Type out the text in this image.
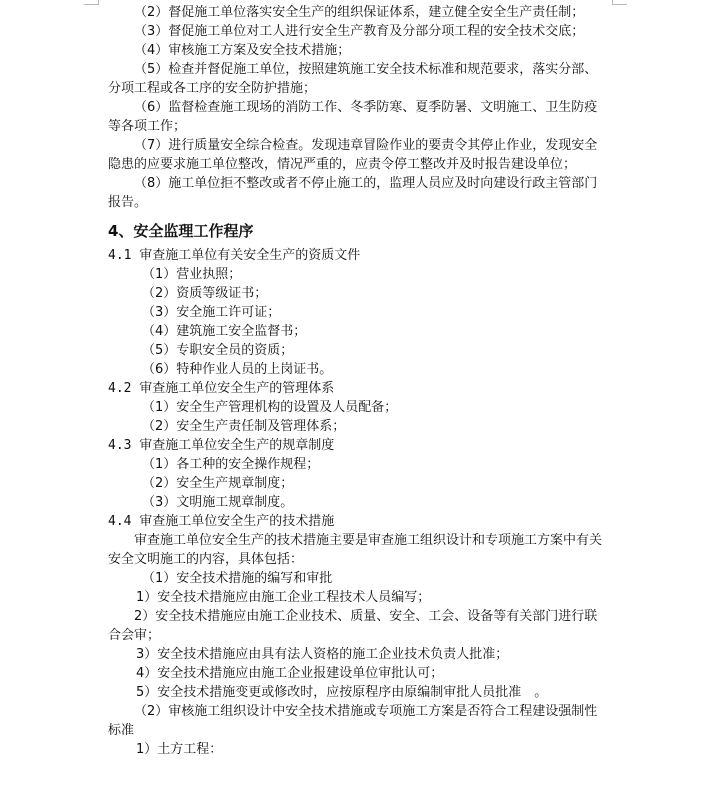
（2）督促施工单位落实安全生产的组织保证体系，建立健全安全生产责任制；

（3）督促施工单位对工人进行安全生产教育及分部分项工程的安全技术交底；

（4）审核施工方案及安全技术措施；

（5）检查并督促施工单位，按照建筑施工安全技术标准和规范要求，落实分部、分项工程或各工序的安全防护措施；

（6）监督检查施工现场的消防工作、冬季防寒、夏季防暑、文明施工、卫生防疫等各项工作；

（7）进行质量安全综合检查。发现违章冒险作业的要责令其停止作业，发现安全隐患的应要求施工单位整改，情况严重的，应责令停工整改并及时报告建设单位；

（8）施工单位拒不整改或者不停止施工的，监理人员应及时向建设行政主管部门报告。

4、安全监理工作程序

4.1 审查施工单位有关安全生产的资质文件

（1）营业执照；

（2）资质等级证书；

（3）安全施工许可证；

（4）建筑施工安全监督书；

（5）专职安全员的资质；

（6）特种作业人员的上岗证书。

4.2 审查施工单位安全生产的管理体系

（1）安全生产管理机构的设置及人员配备；

（2）安全生产责任制及管理体系；

4.3 审查施工单位安全生产的规章制度

（1）各工种的安全操作规程；

（2）安全生产规章制度；

（3）文明施工规章制度。

4.4 审查施工单位安全生产的技术措施

审查施工单位安全生产的技术措施主要是审查施工组织设计和专项施工方案中有关安全文明施工的内容，具体包括：

（1）安全技术措施的编写和审批

1）安全技术措施应由施工企业工程技术人员编写；

2）安全技术措施应由施工企业技术、质量、安全、工会、设备等有关部门进行联合会审；

3）安全技术措施应由具有法人资格的施工企业技术负责人批准；

4）安全技术措施应由施工企业报建设单位审批认可；

5）安全技术措施变更或修改时，应按原程序由原编制审批人员批准　。

（2）审核施工组织设计中安全技术措施或专项施工方案是否符合工程建设强制性标准

1）土方工程：
